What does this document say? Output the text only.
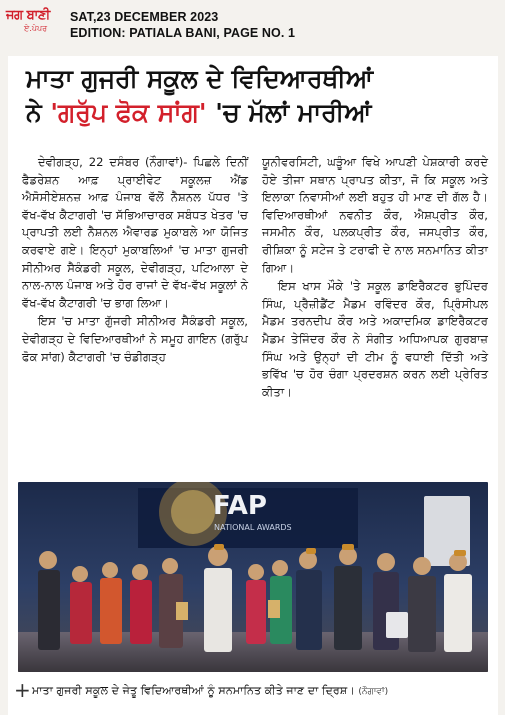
ਜਗ ਬਾਣੀ
ਏ.ਪੇਪਰ
SAT,23 DECEMBER 2023
EDITION: PATIALA BANI, PAGE NO. 1
ਮਾਤਾ ਗੁਜਰੀ ਸਕੂਲ ਦੇ ਵਿਦਿਆਰਥੀਆਂ
ਨੇ 'ਗਰੁੱਪ ਫੋਕ ਸਾਂਗ' 'ਚ ਮੱਲਾਂ ਮਾਰੀਆਂ

ਦੇਵੀਗੜ੍ਹ, 22 ਦਸੰਬਰ (ਨੌਗਾਵਾਂ)- ਪਿਛਲੇ ਦਿਨੀਂ ਫੈਡਰੇਸ਼ਨ ਆਫ਼ ਪ੍ਰਾਈਵੇਟ ਸਕੂਲਜ਼ ਐਂਡ ਐਸੋਸੀਏਸ਼ਨਜ਼ ਆਫ਼ ਪੰਜਾਬ ਵੱਲੋਂ ਨੈਸ਼ਨਲ ਪੱਧਰ 'ਤੇ ਵੱਖ-ਵੱਖ ਕੈਟਾਗਰੀ 'ਚ ਸੱਭਿਆਚਾਰਕ ਸਬੰਧਤ ਖੇਤਰ 'ਚ ਪ੍ਰਾਪਤੀ ਲਈ ਨੈਸ਼ਨਲ ਐਵਾਰਡ ਮੁਕਾਬਲੇ ਆ ਯੋਜਿਤ ਕਰਵਾਏ ਗਏ। ਇਨ੍ਹਾਂ ਮੁਕਾਬਲਿਆਂ 'ਚ ਮਾਤਾ ਗੁਜਰੀ ਸੀਨੀਅਰ ਸੈਕੰਡਰੀ ਸਕੂਲ, ਦੇਵੀਗੜ੍ਹ, ਪਟਿਆਲਾ ਦੇ ਨਾਲ-ਨਾਲ ਪੰਜਾਬ ਅਤੇ ਹੋਰ ਰਾਜਾਂ ਦੇ ਵੱਖ-ਵੱਖ ਸਕੂਲਾਂ ਨੇ ਵੱਖ-ਵੱਖ ਕੈਟਾਗਰੀ 'ਚ ਭਾਗ ਲਿਆ।

ਇਸ 'ਚ ਮਾਤਾ ਗੁੱਜਰੀ ਸੀਨੀਅਰ ਸੈਕੰਡਰੀ ਸਕੂਲ, ਦੇਵੀਗੜ੍ਹ ਦੇ ਵਿਦਿਆਰਥੀਆਂ ਨੇ ਸਮੂਹ ਗਾਇਨ (ਗਰੁੱਪ ਫੋਕ ਸਾਂਗ) ਕੈਟਾਗਰੀ 'ਚ ਚੰਡੀਗੜ੍ਹ

ਯੂਨੀਵਰਸਿਟੀ, ਘੜੂੰਆ ਵਿਖੇ ਆਪਣੀ ਪੇਸ਼ਕਾਰੀ ਕਰਦੇ ਹੋਏ ਤੀਜਾ ਸਥਾਨ ਪ੍ਰਾਪਤ ਕੀਤਾ, ਜੋ ਕਿ ਸਕੂਲ ਅਤੇ ਇਲਾਕਾ ਨਿਵਾਸੀਆਂ ਲਈ ਬਹੁਤ ਹੀ ਮਾਣ ਦੀ ਗੱਲ ਹੈ। ਵਿਦਿਆਰਥੀਆਂ ਨਵਨੀਤ ਕੌਰ, ਐਸ਼ਪ੍ਰੀਤ ਕੌਰ, ਜਸਮੀਨ ਕੌਰ, ਪਲਕਪ੍ਰੀਤ ਕੌਰ, ਜਸਪ੍ਰੀਤ ਕੌਰ, ਰੀਸ਼ਿਕਾ ਨੂੰ ਸਟੇਜ ਤੇ ਟਰਾਫੀ ਦੇ ਨਾਲ ਸਨਮਾਨਿਤ ਕੀਤਾ ਗਿਆ।

ਇਸ ਖਾਸ ਮੌਕੇ 'ਤੇ ਸਕੂਲ ਡਾਇਰੈਕਟਰ ਭੁਪਿੰਦਰ ਸਿੰਘ, ਪ੍ਰੈਜ਼ੀਡੈਂਟ ਮੈਡਮ ਰਵਿੰਦਰ ਕੌਰ, ਪ੍ਰਿੰਸੀਪਲ ਮੈਡਮ ਤਰਨਦੀਪ ਕੌਰ ਅਤੇ ਅਕਾਦਮਿਕ ਡਾਇਰੈਕਟਰ ਮੈਡਮ ਤੇਜਿੰਦਰ ਕੌਰ ਨੇ ਸੰਗੀਤ ਅਧਿਆਪਕ ਗੁਰਬਾਜ਼ ਸਿੰਘ ਅਤੇ ਉਨ੍ਹਾਂ ਦੀ ਟੀਮ ਨੂੰ ਵਧਾਈ ਦਿੱਤੀ ਅਤੇ ਭਵਿੱਖ 'ਚ ਹੋਰ ਚੰਗਾ ਪ੍ਰਦਰਸ਼ਨ ਕਰਨ ਲਈ ਪ੍ਰੇਰਿਤ ਕੀਤਾ।

FAP
NATIONAL AWARDS
+ ਮਾਤਾ ਗੁਜਰੀ ਸਕੂਲ ਦੇ ਜੇਤੂ ਵਿਦਿਆਰਥੀਆਂ ਨੂੰ ਸਨਮਾਨਿਤ ਕੀਤੇ ਜਾਣ ਦਾ ਦ੍ਰਿਸ਼। (ਨੌਗਾਵਾਂ)
